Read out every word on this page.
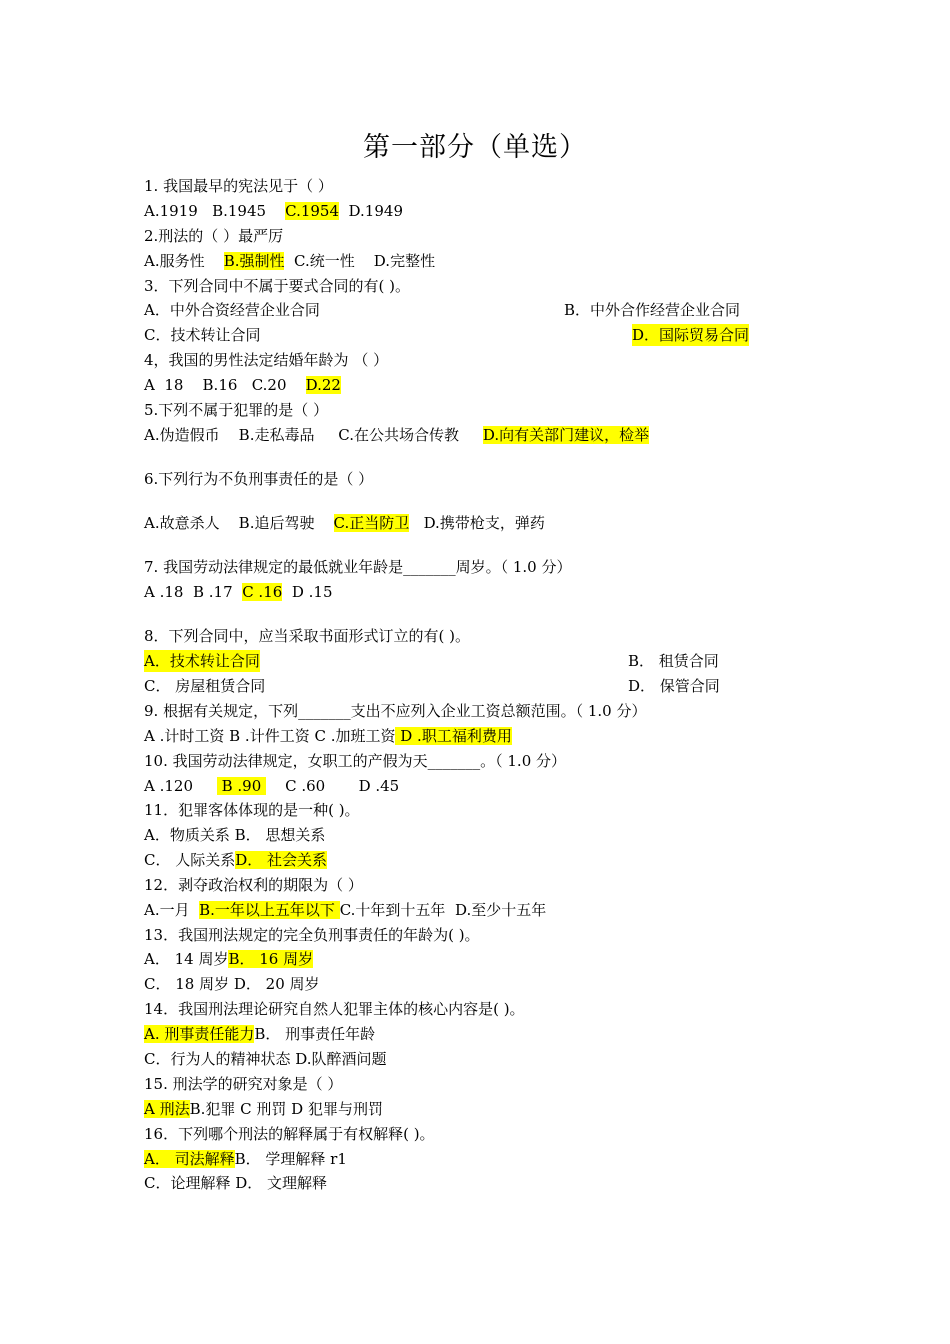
第一部分（单选）
1. 我国最早的宪法见于（ ）
A.1919   B.1945    C.1954  D.1949
2.刑法的（ ）最严厉
A.服务性    B.强制性  C.统一性    D.完整性
3．下列合同中不属于要式合同的有( )。
A．中外合资经营企业合同	B．中外合作经营企业合同
C．技术转让合同	D．国际贸易合同
4，我国的男性法定结婚年龄为 （ ）
A  18    B.16   C.20    D.22
5.下列不属于犯罪的是（ ）
A.伪造假币    B.走私毒品     C.在公共场合传教     D.向有关部门建议，检举
6.下列行为不负刑事责任的是（ ）
A.故意杀人    B.追后驾驶    C.正当防卫   D.携带枪支，弹药
7. 我国劳动法律规定的最低就业年龄是_______周岁。（ 1.0 分）
A .18  B .17  C .16  D .15
8．下列合同中，应当采取书面形式订立的有( )。
A．技术转让合同	B． 租赁合同
C． 房屋租赁合同	D． 保管合同
9. 根据有关规定，下列_______支出不应列入企业工资总额范围。（ 1.0 分）
A .计时工资 B .计件工资 C .加班工资 D .职工福利费用
10. 我国劳动法律规定，女职工的产假为天_______。（ 1.0 分）
A .120      B .90     C .60       D .45
11．犯罪客体体现的是一种( )。
A．物质关系 B． 思想关系
C． 人际关系D． 社会关系
12．剥夺政治权利的期限为（ ）
A.一月  B.一年以上五年以下 C.十年到十五年  D.至少十五年
13．我国刑法规定的完全负刑事责任的年龄为( )。
A． 14 周岁B． 16 周岁
C． 18 周岁 D． 20 周岁
14．我国刑法理论研究自然人犯罪主体的核心内容是( )。
A. 刑事责任能力B． 刑事责任年龄
C．行为人的精神状态 D.队醉酒问题
15. 刑法学的研究对象是（ ）
A 刑法B.犯罪 C 刑罚 D 犯罪与刑罚
16．下列哪个刑法的解释属于有权解释( )。
A． 司法解释B． 学理解释 r1
C．论理解释 D． 文理解释
